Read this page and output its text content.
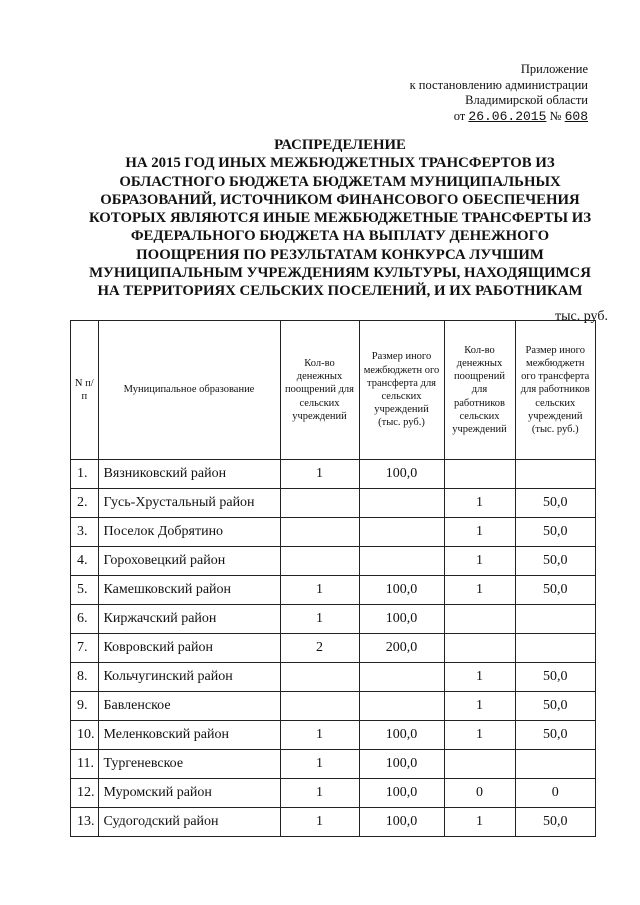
Приложение
к постановлению администрации
Владимирской области
от 26.06.2015 № 608
РАСПРЕДЕЛЕНИЕ
НА 2015 ГОД ИНЫХ МЕЖБЮДЖЕТНЫХ ТРАНСФЕРТОВ ИЗ
ОБЛАСТНОГО БЮДЖЕТА БЮДЖЕТАМ МУНИЦИПАЛЬНЫХ
ОБРАЗОВАНИЙ, ИСТОЧНИКОМ ФИНАНСОВОГО ОБЕСПЕЧЕНИЯ
КОТОРЫХ ЯВЛЯЮТСЯ ИНЫЕ МЕЖБЮДЖЕТНЫЕ ТРАНСФЕРТЫ ИЗ
ФЕДЕРАЛЬНОГО БЮДЖЕТА НА ВЫПЛАТУ ДЕНЕЖНОГО
ПООЩРЕНИЯ ПО РЕЗУЛЬТАТАМ КОНКУРСА ЛУЧШИМ
МУНИЦИПАЛЬНЫМ УЧРЕЖДЕНИЯМ КУЛЬТУРЫ, НАХОДЯЩИМСЯ
НА ТЕРРИТОРИЯХ СЕЛЬСКИХ ПОСЕЛЕНИЙ, И ИХ РАБОТНИКАМ
тыс. руб.
N п/п	Муниципальное образование	Кол-во денежных поощрений для сельских учреждений	Размер иного межбюджетн ого трансферта для сельских учреждений (тыс. руб.)	Кол-во денежных поощрений для работников сельских учреждений	Размер иного межбюджетн ого трансферта для работников сельских учреждений (тыс. руб.)
1.	Вязниковский район	1	100,0		
2.	Гусь-Хрустальный район			1	50,0
3.	Поселок Добрятино			1	50,0
4.	Гороховецкий район			1	50,0
5.	Камешковский район	1	100,0	1	50,0
6.	Киржачский район	1	100,0		
7.	Ковровский район	2	200,0		
8.	Кольчугинский район			1	50,0
9.	Бавленское			1	50,0
10.	Меленковский район	1	100,0	1	50,0
11.	Тургеневское	1	100,0		
12.	Муромский район	1	100,0	0	0
13.	Судогодский район	1	100,0	1	50,0
